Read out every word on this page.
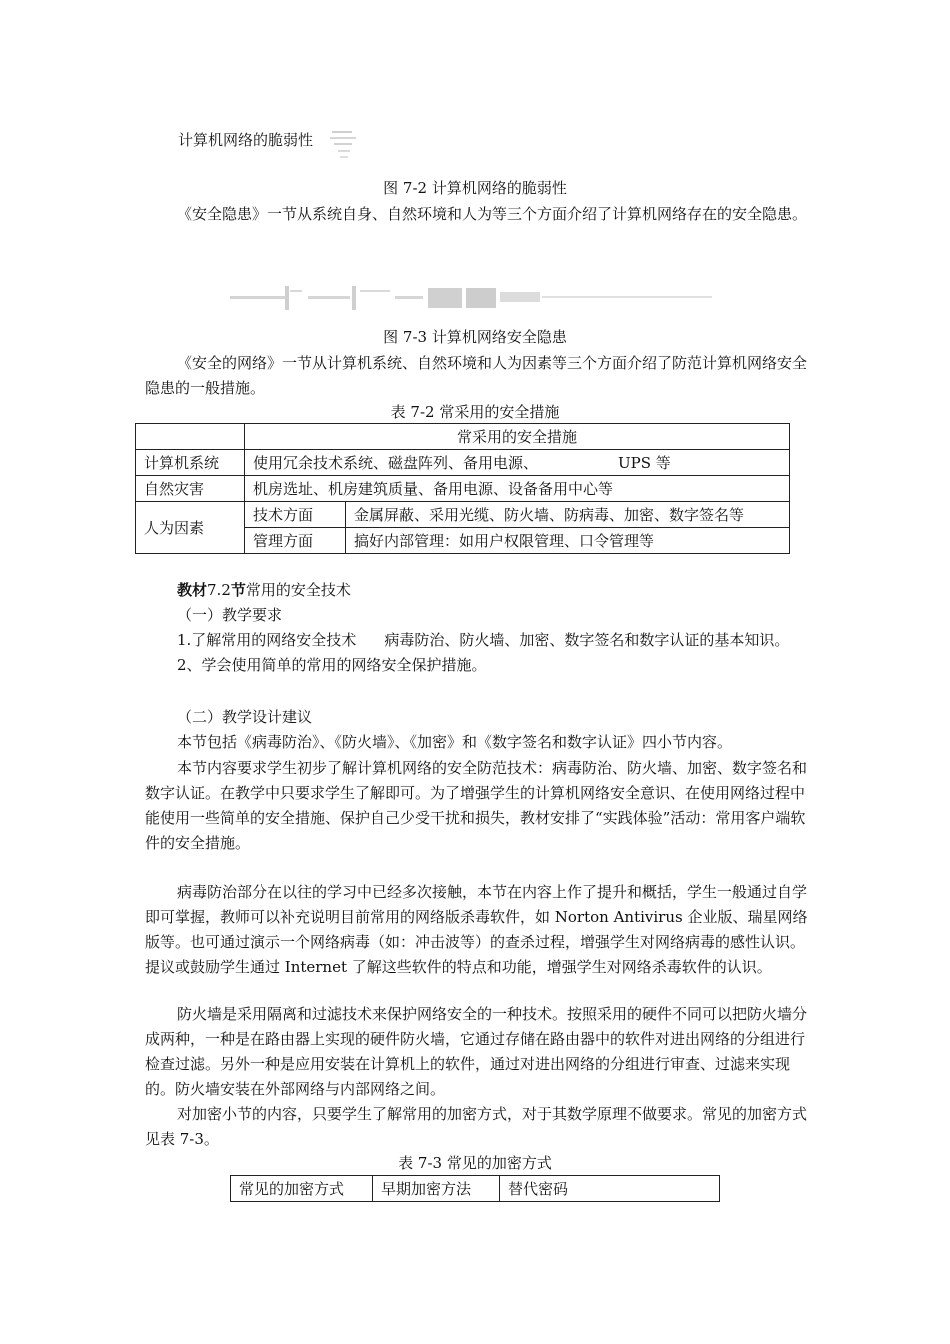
计算机网络的脆弱性
图 7-2 计算机网络的脆弱性
《安全隐患》一节从系统自身、自然环境和人为等三个方面介绍了计算机网络存在的安全隐患。
图 7-3 计算机网络安全隐患
《安全的网络》一节从计算机系统、自然环境和人为因素等三个方面介绍了防范计算机网络安全隐患的一般措施。
表 7-2 常采用的安全措施
	常采用的安全措施	
计算机系统	使用冗余技术系统、磁盘阵列、备用电源、 UPS 等	
自然灾害	机房选址、机房建筑质量、备用电源、设备备用中心等	
人为因素	技术方面	金属屏蔽、采用光缆、防火墙、防病毒、加密、数字签名等
	管理方面	搞好内部管理：如用户权限管理、口令管理等
教材7.2节常用的安全技术
（一）教学要求
1.了解常用的网络安全技术 病毒防治、防火墙、加密、数字签名和数字认证的基本知识。
2、学会使用简单的常用的网络安全保护措施。
（二）教学设计建议
本节包括《病毒防治》、《防火墙》、《加密》和《数字签名和数字认证》四小节内容。
本节内容要求学生初步了解计算机网络的安全防范技术：病毒防治、防火墙、加密、数字签名和数字认证。在教学中只要求学生了解即可。为了增强学生的计算机网络安全意识、在使用网络过程中能使用一些简单的安全措施、保护自己少受干扰和损失，教材安排了“实践体验”活动：常用客户端软件的安全措施。
病毒防治部分在以往的学习中已经多次接触，本节在内容上作了提升和概括，学生一般通过自学即可掌握，教师可以补充说明目前常用的网络版杀毒软件，如 Norton Antivirus 企业版、瑞星网络版等。也可通过演示一个网络病毒（如：冲击波等）的查杀过程，增强学生对网络病毒的感性认识。提议或鼓励学生通过 Internet 了解这些软件的特点和功能，增强学生对网络杀毒软件的认识。
防火墙是采用隔离和过滤技术来保护网络安全的一种技术。按照采用的硬件不同可以把防火墙分成两种，一种是在路由器上实现的硬件防火墙，它通过存储在路由器中的软件对进出网络的分组进行检查过滤。另外一种是应用安装在计算机上的软件，通过对进出网络的分组进行审查、过滤来实现的。防火墙安装在外部网络与内部网络之间。
对加密小节的内容，只要学生了解常用的加密方式，对于其数学原理不做要求。常见的加密方式见表 7-3。
表 7-3 常见的加密方式
常见的加密方式	早期加密方法	替代密码
